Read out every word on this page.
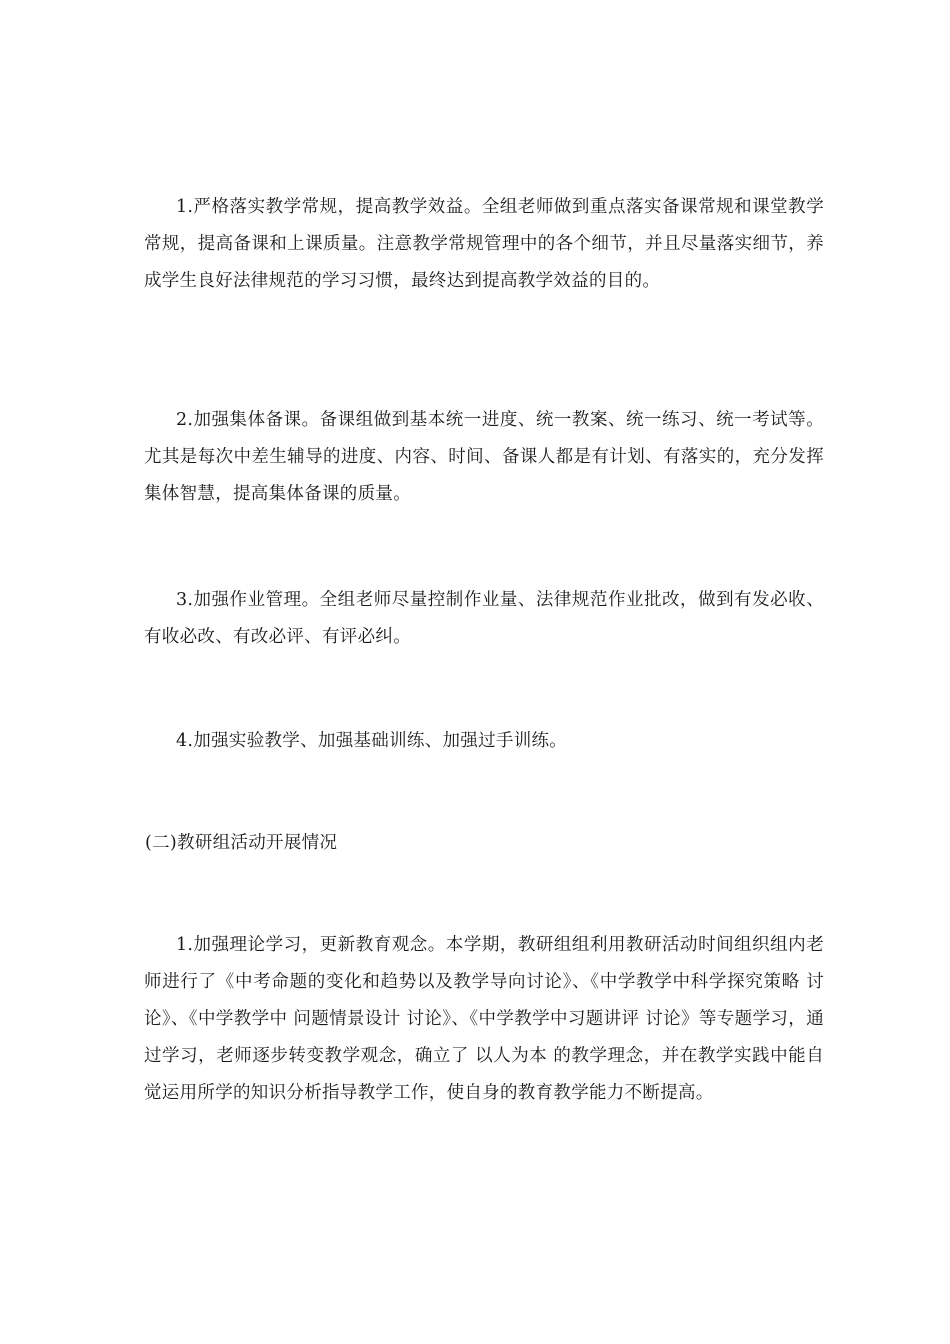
1.严格落实教学常规，提高教学效益。全组老师做到重点落实备课常规和课堂教学常规，提高备课和上课质量。注意教学常规管理中的各个细节，并且尽量落实细节，养成学生良好法律规范的学习习惯，最终达到提高教学效益的目的。

2.加强集体备课。备课组做到基本统一进度、统一教案、统一练习、统一考试等。尤其是每次中差生辅导的进度、内容、时间、备课人都是有计划、有落实的，充分发挥集体智慧，提高集体备课的质量。

3.加强作业管理。全组老师尽量控制作业量、法律规范作业批改，做到有发必收、有收必改、有改必评、有评必纠。

4.加强实验教学、加强基础训练、加强过手训练。

(二)教研组活动开展情况

1.加强理论学习，更新教育观念。本学期，教研组组利用教研活动时间组织组内老师进行了《中考命题的变化和趋势以及教学导向讨论》、《中学教学中科学探究策略 讨论》、《中学教学中 问题情景设计 讨论》、《中学教学中习题讲评 讨论》等专题学习，通过学习，老师逐步转变教学观念，确立了 以人为本 的教学理念，并在教学实践中能自觉运用所学的知识分析指导教学工作，使自身的教育教学能力不断提高。
